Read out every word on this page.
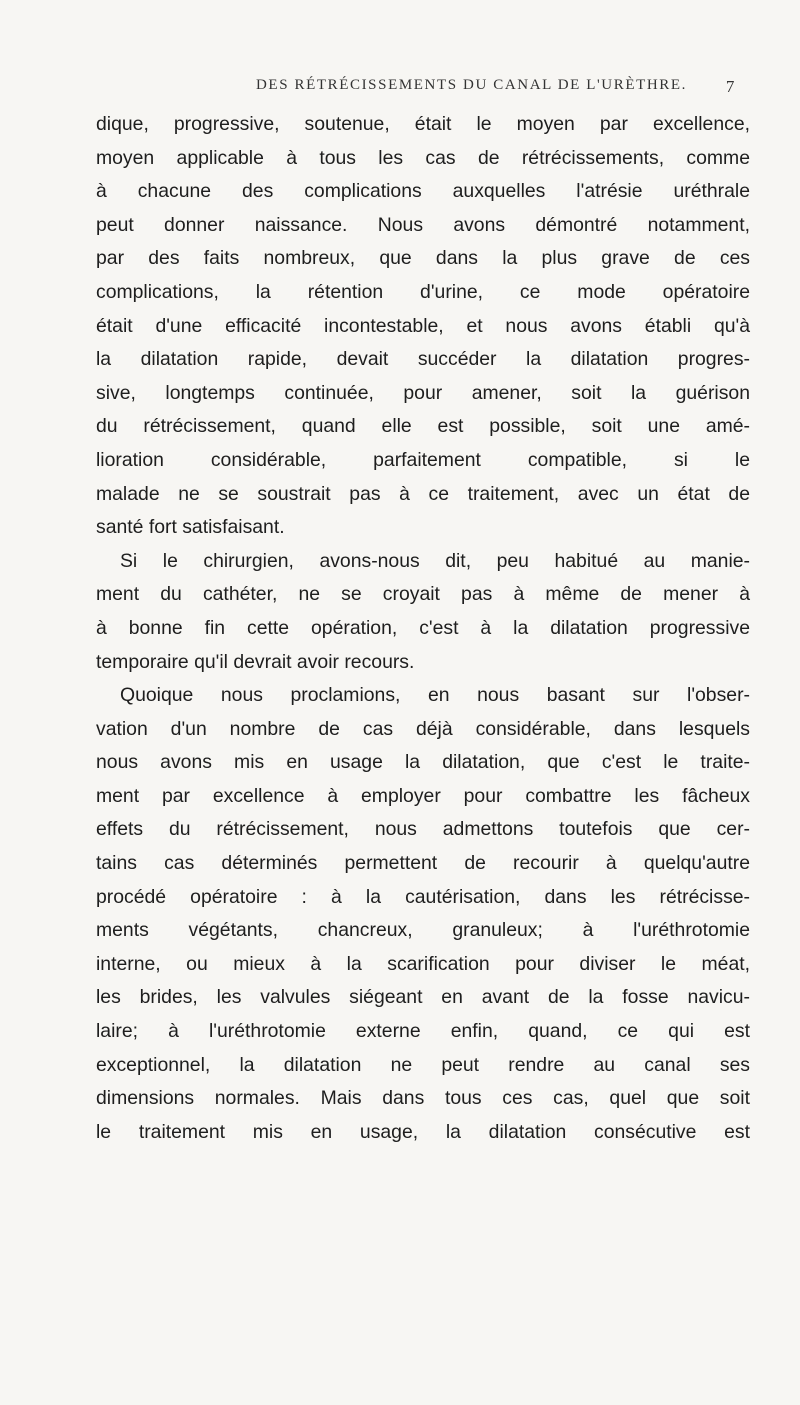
DES RÉTRÉCISSEMENTS DU CANAL DE L'URÈTHRE. 7
dique, progressive, soutenue, était le moyen par excellence,
moyen applicable à tous les cas de rétrécissements, comme
à chacune des complications auxquelles l'atrésie uréthrale
peut donner naissance. Nous avons démontré notamment,
par des faits nombreux, que dans la plus grave de ces
complications, la rétention d'urine, ce mode opératoire
était d'une efficacité incontestable, et nous avons établi qu'à
la dilatation rapide, devait succéder la dilatation progres-
sive, longtemps continuée, pour amener, soit la guérison
du rétrécissement, quand elle est possible, soit une amé-
lioration considérable, parfaitement compatible, si le
malade ne se soustrait pas à ce traitement, avec un état de
santé fort satisfaisant.
Si le chirurgien, avons-nous dit, peu habitué au manie-
ment du cathéter, ne se croyait pas à même de mener à
à bonne fin cette opération, c'est à la dilatation progressive
temporaire qu'il devrait avoir recours.
Quoique nous proclamions, en nous basant sur l'obser-
vation d'un nombre de cas déjà considérable, dans lesquels
nous avons mis en usage la dilatation, que c'est le traite-
ment par excellence à employer pour combattre les fâcheux
effets du rétrécissement, nous admettons toutefois que cer-
tains cas déterminés permettent de recourir à quelqu'autre
procédé opératoire : à la cautérisation, dans les rétrécisse-
ments végétants, chancreux, granuleux; à l'uréthrotomie
interne, ou mieux à la scarification pour diviser le méat,
les brides, les valvules siégeant en avant de la fosse navicu-
laire; à l'uréthrotomie externe enfin, quand, ce qui est
exceptionnel, la dilatation ne peut rendre au canal ses
dimensions normales. Mais dans tous ces cas, quel que soit
le traitement mis en usage, la dilatation consécutive est
